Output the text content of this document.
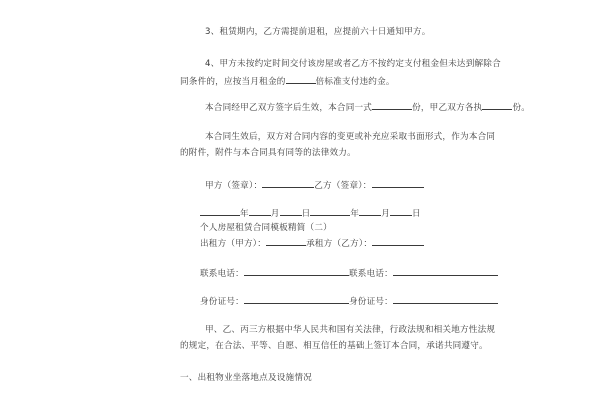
3、租赁期内，乙方需提前退租，应提前六十日通知甲方。
4、甲方未按约定时间交付该房屋或者乙方不按约定支付租金但未达到解除合
同条件的，应按当月租金的	倍标准支付违约金。
本合同经甲乙双方签字后生效，本合同一式	份，甲乙双方各执	份。
本合同生效后，双方对合同内容的变更或补充应采取书面形式，作为本合同
的附件，附件与本合同具有同等的法律效力。
甲方（签章）：	乙方（签章）：
年	月	日	年	月	日
个人房屋租赁合同模板精简（二）
出租方（甲方）：	承租方（乙方）：
联系电话：	联系电话：
身份证号：	身份证号：
甲、乙、丙三方根据中华人民共和国有关法律，行政法规和相关地方性法规
的规定，在合法、平等、自愿、相互信任的基础上签订本合同，承诺共同遵守。
一、出租物业坐落地点及设施情况
